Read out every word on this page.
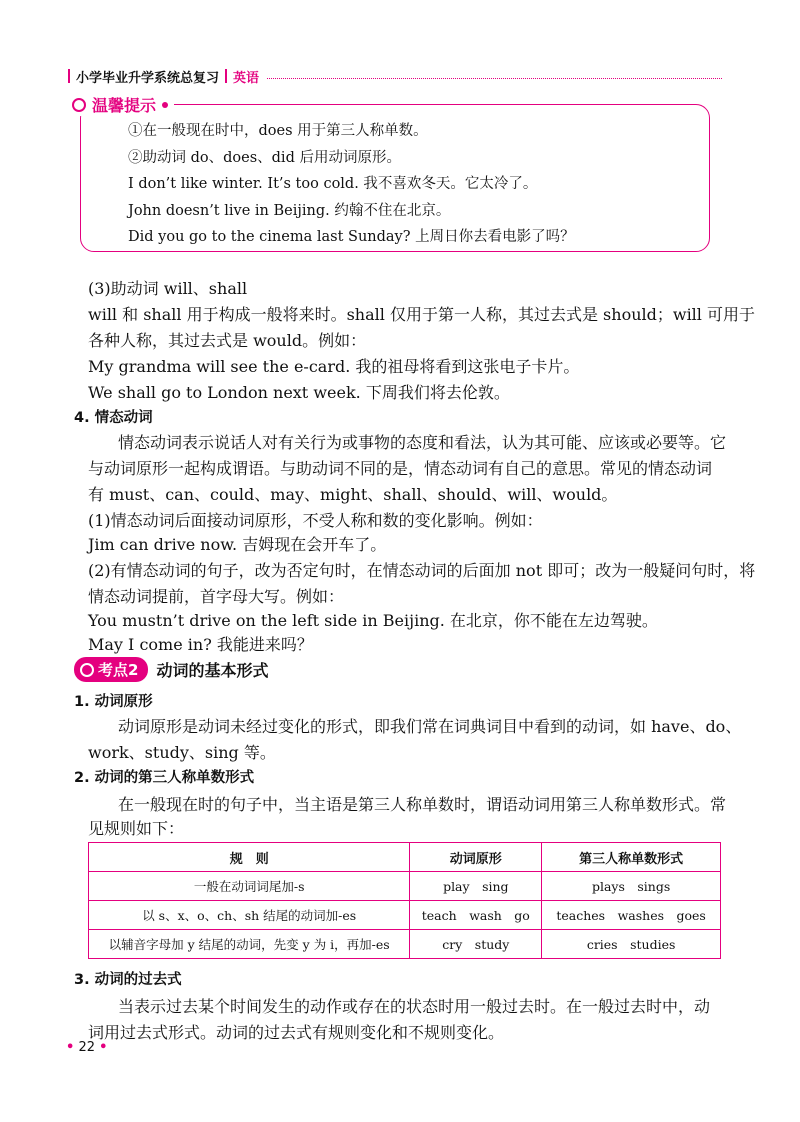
小学毕业升学系统总复习 英语
温馨提示
①在一般现在时中，does 用于第三人称单数。
②助动词 do、does、did 后用动词原形。
I don’t like winter. It’s too cold. 我不喜欢冬天。它太冷了。
John doesn’t live in Beijing. 约翰不住在北京。
Did you go to the cinema last Sunday? 上周日你去看电影了吗？
(3)助动词 will、shall
will 和 shall 用于构成一般将来时。shall 仅用于第一人称，其过去式是 should；will 可用于
各种人称，其过去式是 would。例如：
My grandma will see the e-card. 我的祖母将看到这张电子卡片。
We shall go to London next week. 下周我们将去伦敦。
4. 情态动词
情态动词表示说话人对有关行为或事物的态度和看法，认为其可能、应该或必要等。它
与动词原形一起构成谓语。与助动词不同的是，情态动词有自己的意思。常见的情态动词
有 must、can、could、may、might、shall、should、will、would。
(1)情态动词后面接动词原形，不受人称和数的变化影响。例如：
Jim can drive now. 吉姆现在会开车了。
(2)有情态动词的句子，改为否定句时，在情态动词的后面加 not 即可；改为一般疑问句时，将
情态动词提前，首字母大写。例如：
You mustn’t drive on the left side in Beijing. 在北京，你不能在左边驾驶。
May I come in? 我能进来吗？
考点2 动词的基本形式
1. 动词原形
动词原形是动词未经过变化的形式，即我们常在词典词目中看到的动词，如 have、do、
work、study、sing 等。
2. 动词的第三人称单数形式
在一般现在时的句子中，当主语是第三人称单数时，谓语动词用第三人称单数形式。常
见规则如下：
规　则	动词原形	第三人称单数形式
一般在动词词尾加-s	play　sing	plays　sings
以 s、x、o、ch、sh 结尾的动词加-es	teach　wash　go	teaches　washes　goes
以辅音字母加 y 结尾的动词，先变 y 为 i，再加-es	cry　study	cries　studies
3. 动词的过去式
当表示过去某个时间发生的动作或存在的状态时用一般过去时。在一般过去时中，动
词用过去式形式。动词的过去式有规则变化和不规则变化。
• 22 •
